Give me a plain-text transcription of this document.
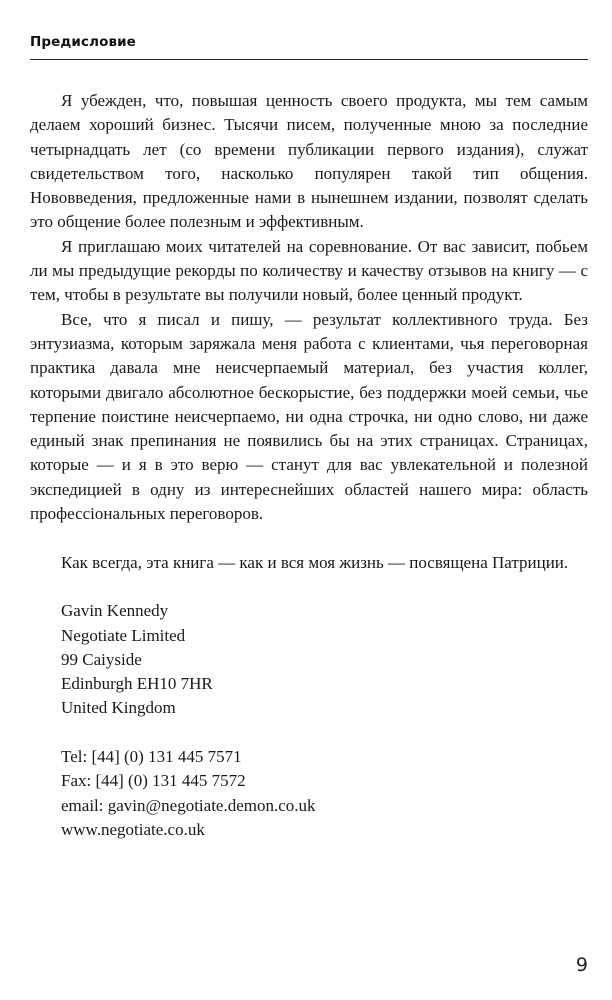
Предисловие

Я убежден, что, повышая ценность своего продукта, мы тем самым делаем хороший бизнес. Тысячи писем, полученные мною за последние четырнадцать лет (со времени публикации первого издания), служат свидетельством того, насколько популярен такой тип общения. Нововведения, предложенные нами в нынешнем издании, позволят сделать это общение более полезным и эффективным.

Я приглашаю моих читателей на соревнование. От вас зависит, побьем ли мы предыдущие рекорды по количеству и качеству отзывов на книгу — с тем, чтобы в результате вы получили новый, более ценный продукт.

Все, что я писал и пишу, — результат коллективного труда. Без энтузиазма, которым заряжала меня работа с клиентами, чья переговорная практика давала мне неисчерпаемый материал, без участия коллег, которыми двигало абсолютное бескорыстие, без поддержки моей семьи, чье терпение поистине неисчерпаемо, ни одна строчка, ни одно слово, ни даже единый знак препинания не появились бы на этих страницах. Страницах, которые — и я в это верю — станут для вас увлекательной и полезной экспедицией в одну из интереснейших областей нашего мира: область профессiональных переговоров.

Как всегда, эта книга — как и вся моя жизнь — посвящена Патриции.

Gavin Kennedy
Negotiate Limited
99 Caiyside
Edinburgh EH10 7HR
United Kingdom
Tel: [44] (0) 131 445 7571
Fax: [44] (0) 131 445 7572
email: gavin@negotiate.demon.co.uk
www.negotiate.co.uk
9
